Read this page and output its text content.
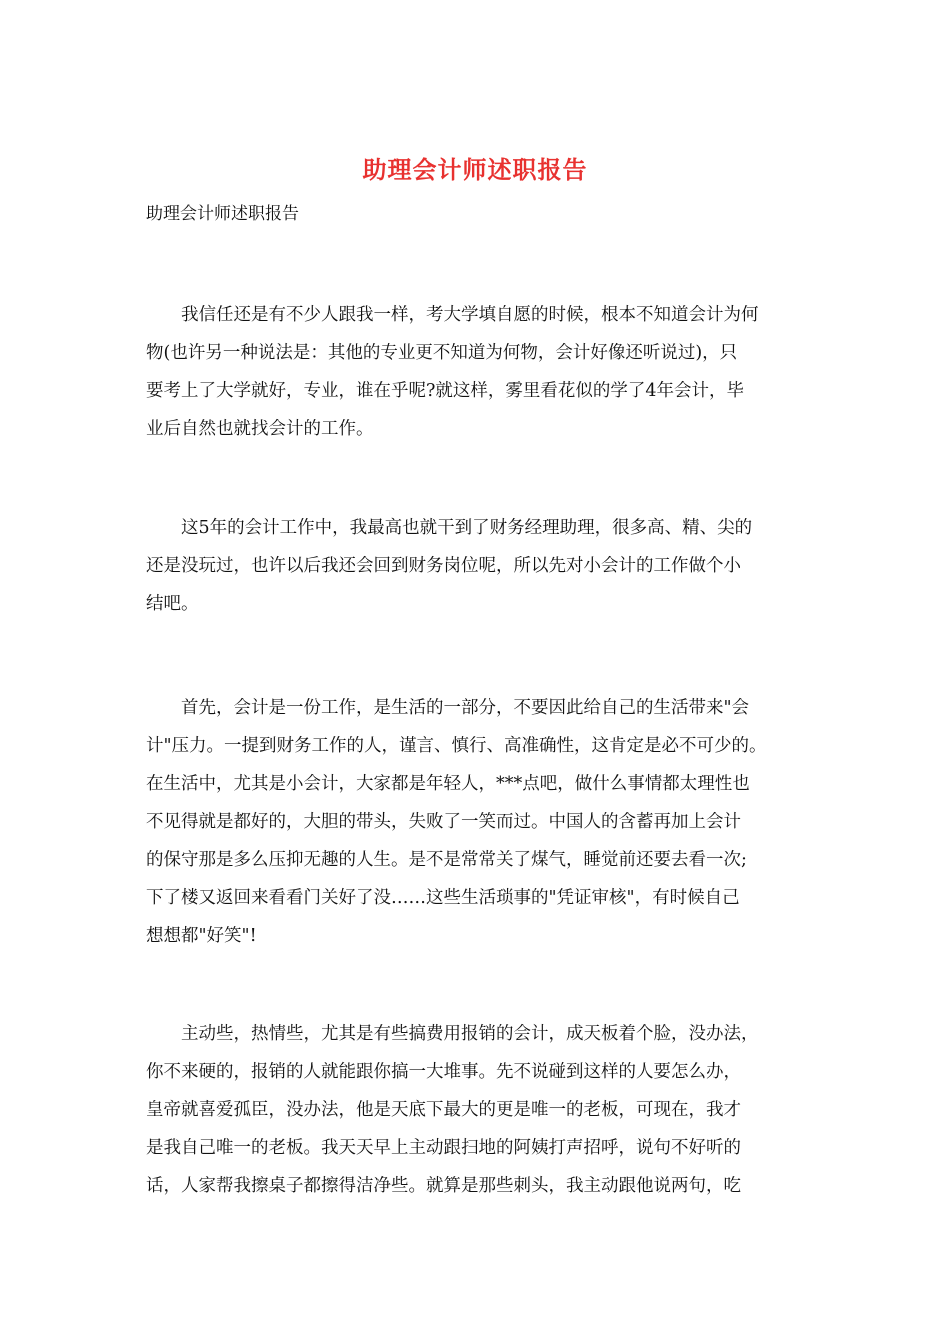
助理会计师述职报告

助理会计师述职报告

　　我信任还是有不少人跟我一样，考大学填自愿的时候，根本不知道会计为何
物(也许另一种说法是：其他的专业更不知道为何物，会计好像还听说过)，只
要考上了大学就好，专业，谁在乎呢?就这样，雾里看花似的学了4年会计，毕
业后自然也就找会计的工作。
　　这5年的会计工作中，我最高也就干到了财务经理助理，很多高、精、尖的
还是没玩过，也许以后我还会回到财务岗位呢，所以先对小会计的工作做个小
结吧。
　　首先，会计是一份工作，是生活的一部分，不要因此给自己的生活带来"会
计"压力。一提到财务工作的人，谨言、慎行、高准确性，这肯定是必不可少的。
在生活中，尤其是小会计，大家都是年轻人，***点吧，做什么事情都太理性也
不见得就是都好的，大胆的带头，失败了一笑而过。中国人的含蓄再加上会计
的保守那是多么压抑无趣的人生。是不是常常关了煤气，睡觉前还要去看一次;
下了楼又返回来看看门关好了没……这些生活琐事的"凭证审核"，有时候自己
想想都"好笑"!
　　主动些，热情些，尤其是有些搞费用报销的会计，成天板着个脸，没办法，
你不来硬的，报销的人就能跟你搞一大堆事。先不说碰到这样的人要怎么办，
皇帝就喜爱孤臣，没办法，他是天底下最大的更是唯一的老板，可现在，我才
是我自己唯一的老板。我天天早上主动跟扫地的阿姨打声招呼，说句不好听的
话，人家帮我擦桌子都擦得洁净些。就算是那些刺头，我主动跟他说两句，吃
